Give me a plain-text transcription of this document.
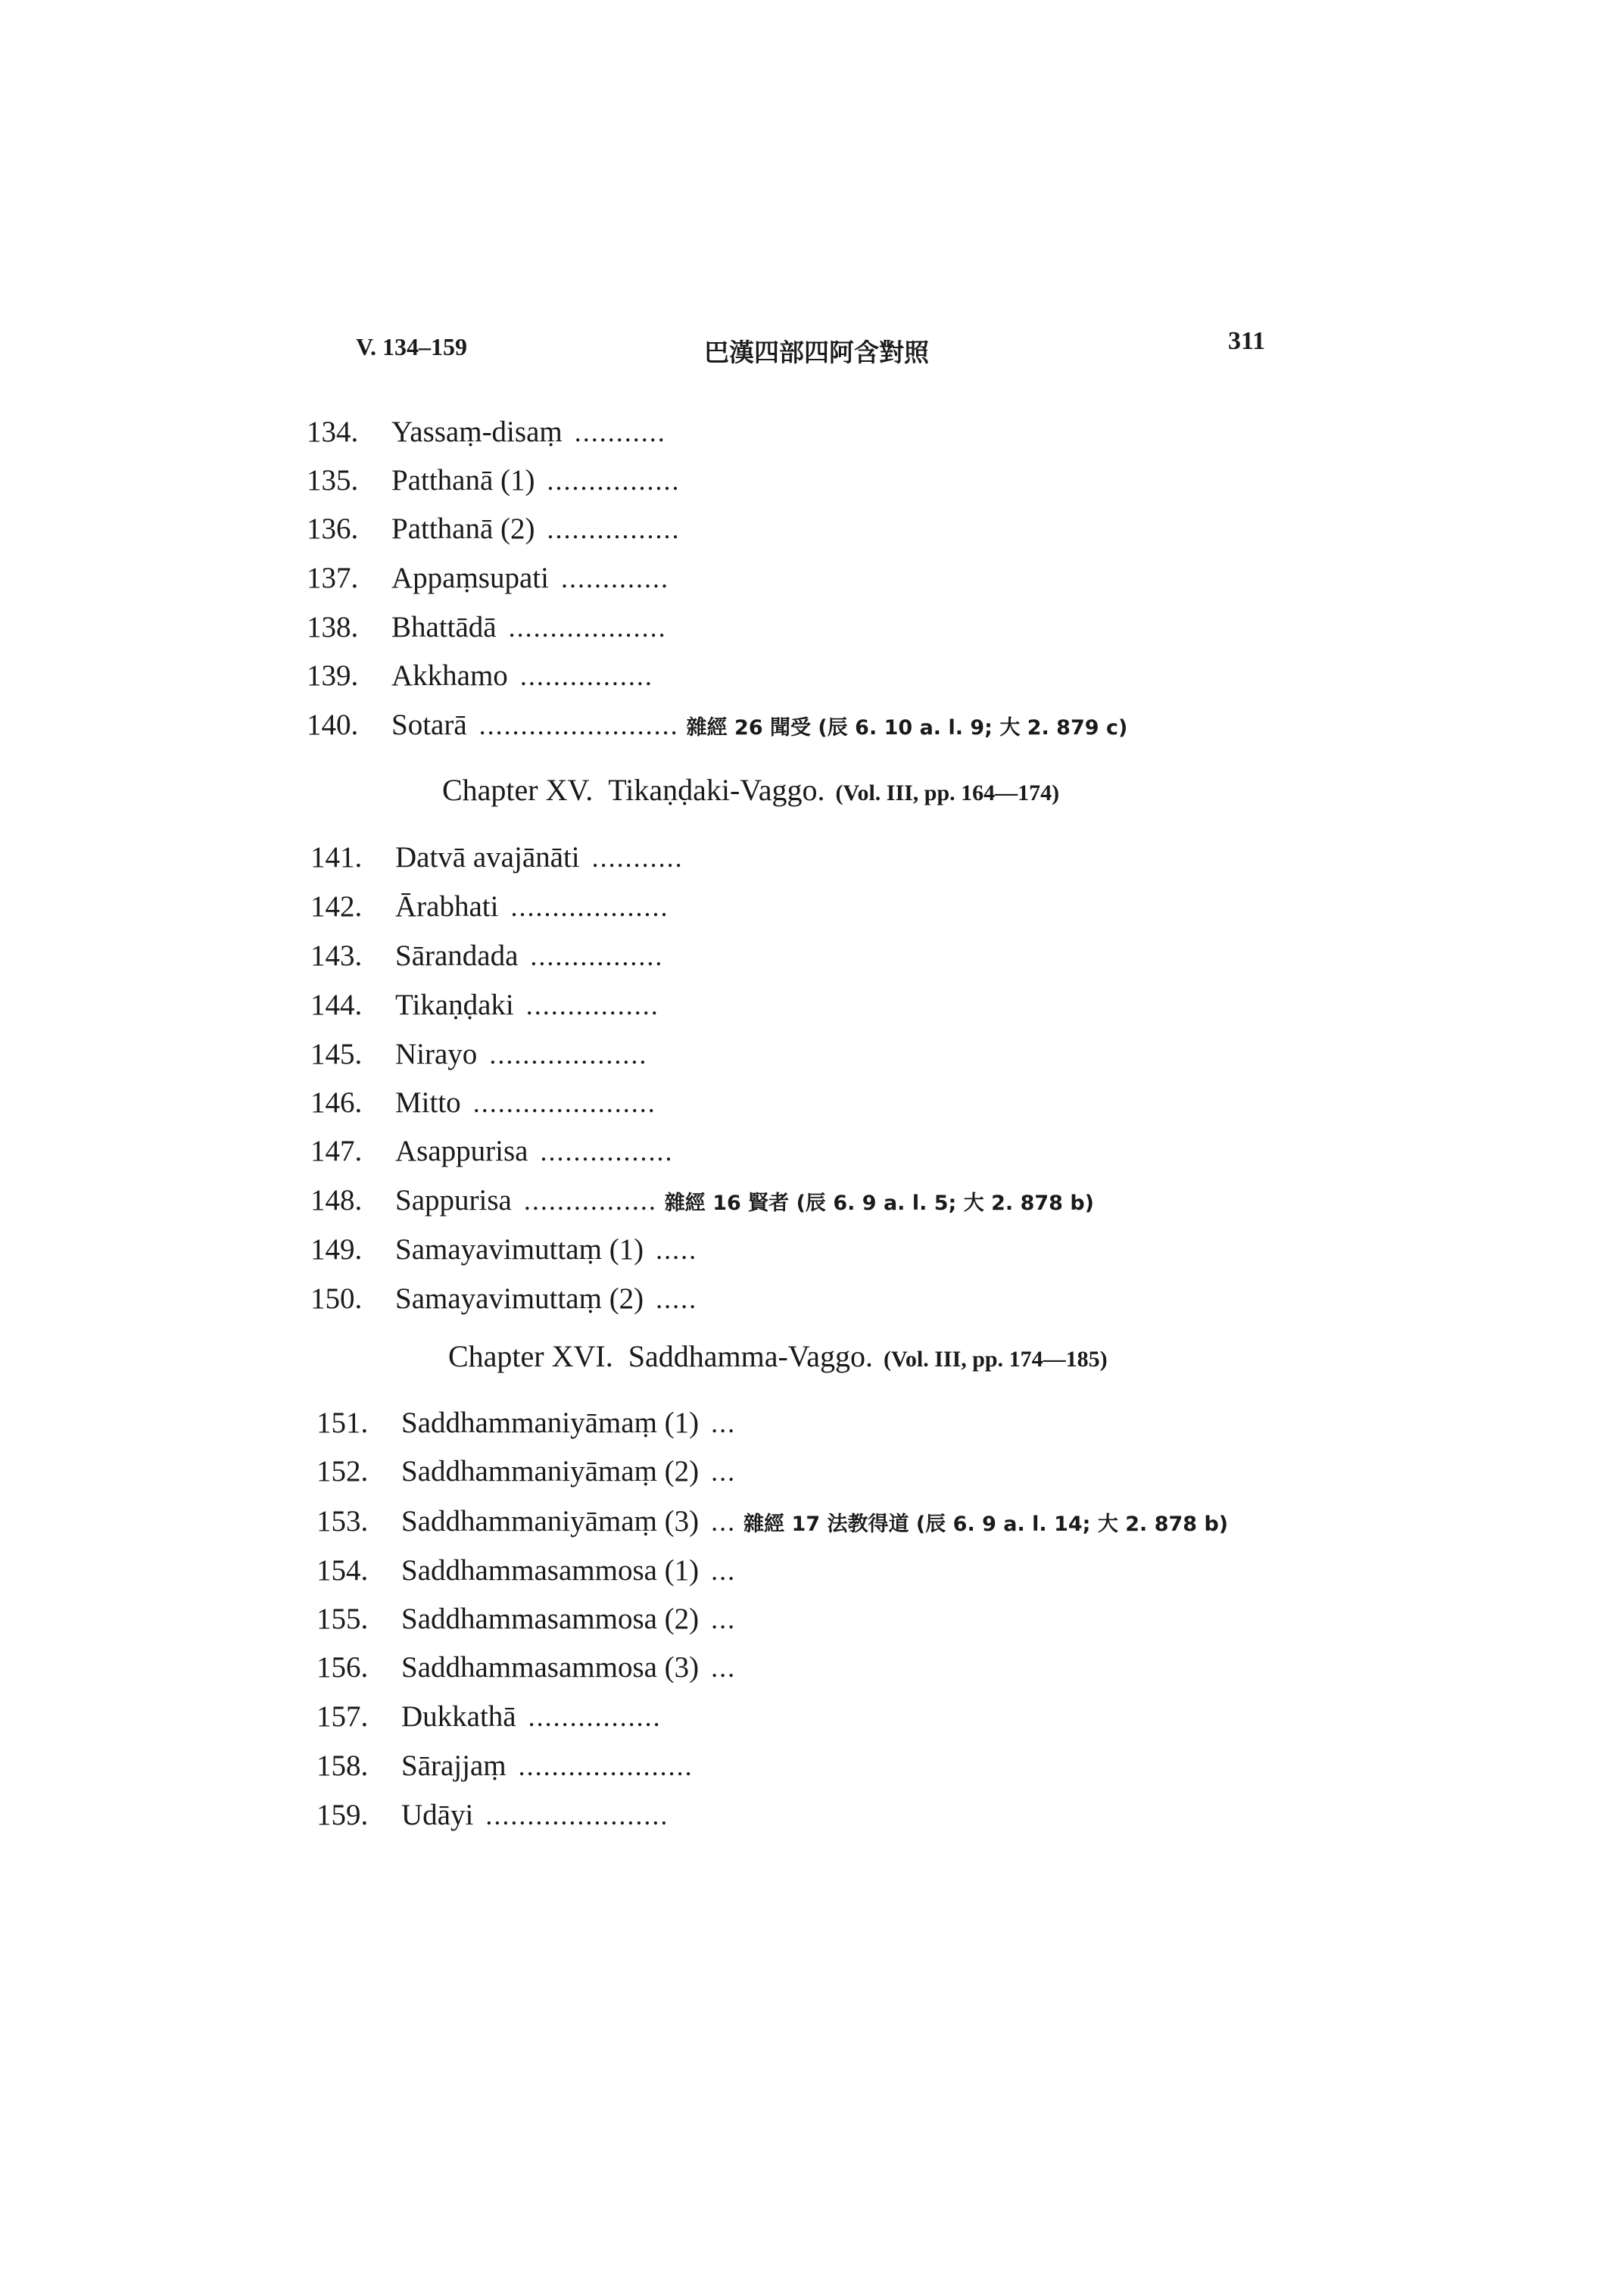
V. 134–159	巴漢四部四阿含對照	311
134.	Yassaṃ-disaṃ ...........
135.	Patthanā (1) ................
136.	Patthanā (2) ................
137.	Appaṃsupati .............
138.	Bhattādā ...................
139.	Akkhamo ................
140.	Sotarā ........................ 雜經 26 聞受 (辰 6. 10 a. l. 9; 大 2. 879 c)
141.	Datvā avajānāti ...........
142.	Ārabhati ...................
143.	Sārandada ................
144.	Tikaṇḍaki ................
145.	Nirayo ...................
146.	Mitto ......................
147.	Asappurisa ................
148.	Sappurisa ................ 雜經 16 賢者 (辰 6. 9 a. l. 5; 大 2. 878 b)
149.	Samayavimuttaṃ (1) .....
150.	Samayavimuttaṃ (2) .....
151.	Saddhammaniyāmaṃ (1) ...
152.	Saddhammaniyāmaṃ (2) ...
153.	Saddhammaniyāmaṃ (3) ... 雜經 17 法教得道 (辰 6. 9 a. l. 14; 大 2. 878 b)
154.	Saddhammasammosa (1) ...
155.	Saddhammasammosa (2) ...
156.	Saddhammasammosa (3) ...
157.	Dukkathā ................
158.	Sārajjaṃ .....................
159.	Udāyi ......................
Chapter XV. Tikaṇḍaki-Vaggo. (Vol. III, pp. 164—174)
Chapter XVI. Saddhamma-Vaggo. (Vol. III, pp. 174—185)
